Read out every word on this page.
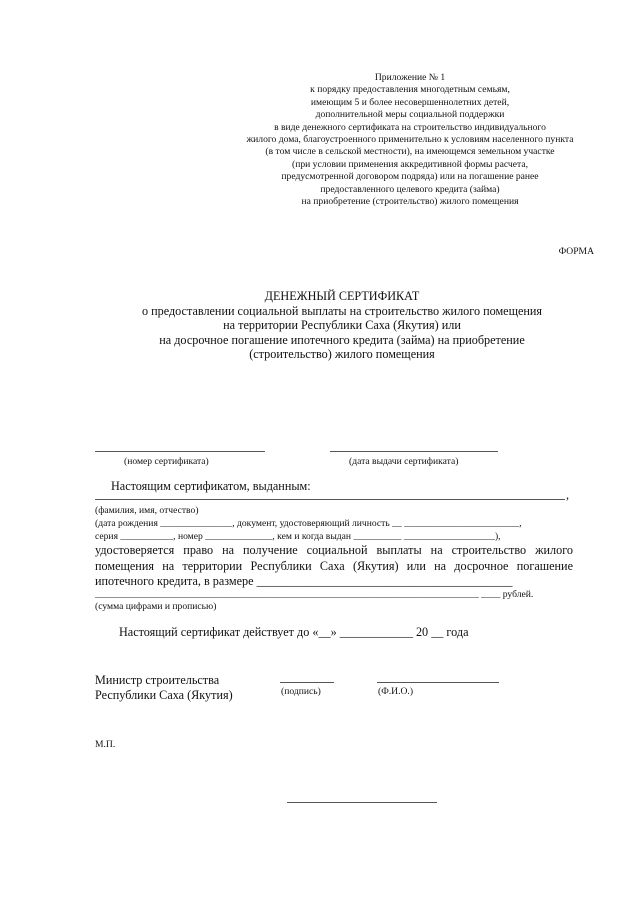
Приложение № 1
к порядку предоставления многодетным семьям,
имеющим 5 и более несовершеннолетних детей,
дополнительной меры социальной поддержки
в виде денежного сертификата на строительство индивидуального
жилого дома, благоустроенного применительно к условиям населенного пункта
(в том числе в сельской местности), на имеющемся земельном участке
(при условии применения аккредитивной формы расчета,
предусмотренной договором подряда) или на погашение ранее
предоставленного целевого кредита (займа)
на приобретение (строительство) жилого помещения
ФОРМА
ДЕНЕЖНЫЙ СЕРТИФИКАТ
о предоставлении социальной выплаты на строительство жилого помещения
на территории Республики Саха (Якутия) или
на досрочное погашение ипотечного кредита (займа) на приобретение
(строительство) жилого помещения
(номер сертификата)	(дата выдачи сертификата)
Настоящим сертификатом, выданным:
,
(фамилия, имя, отчество)
(дата рождения _______________, документ, удостоверяющий личность __ ________________________,
серия ___________, номер ______________, кем и когда выдан __________ ___________________),
удостоверяется право на получение социальной выплаты на строительство жилого помещения на территории Республики Саха (Якутия) или на досрочное погашение ипотечного кредита, в размере __________________________________________
________________________________________________________________________________ ____ рублей.
(сумма цифрами и прописью)
Настоящий сертификат действует до «__» ____________ 20 __ года
Министр строительства
Республики Саха (Якутия)	(подпись)	(Ф.И.О.)
М.П.
